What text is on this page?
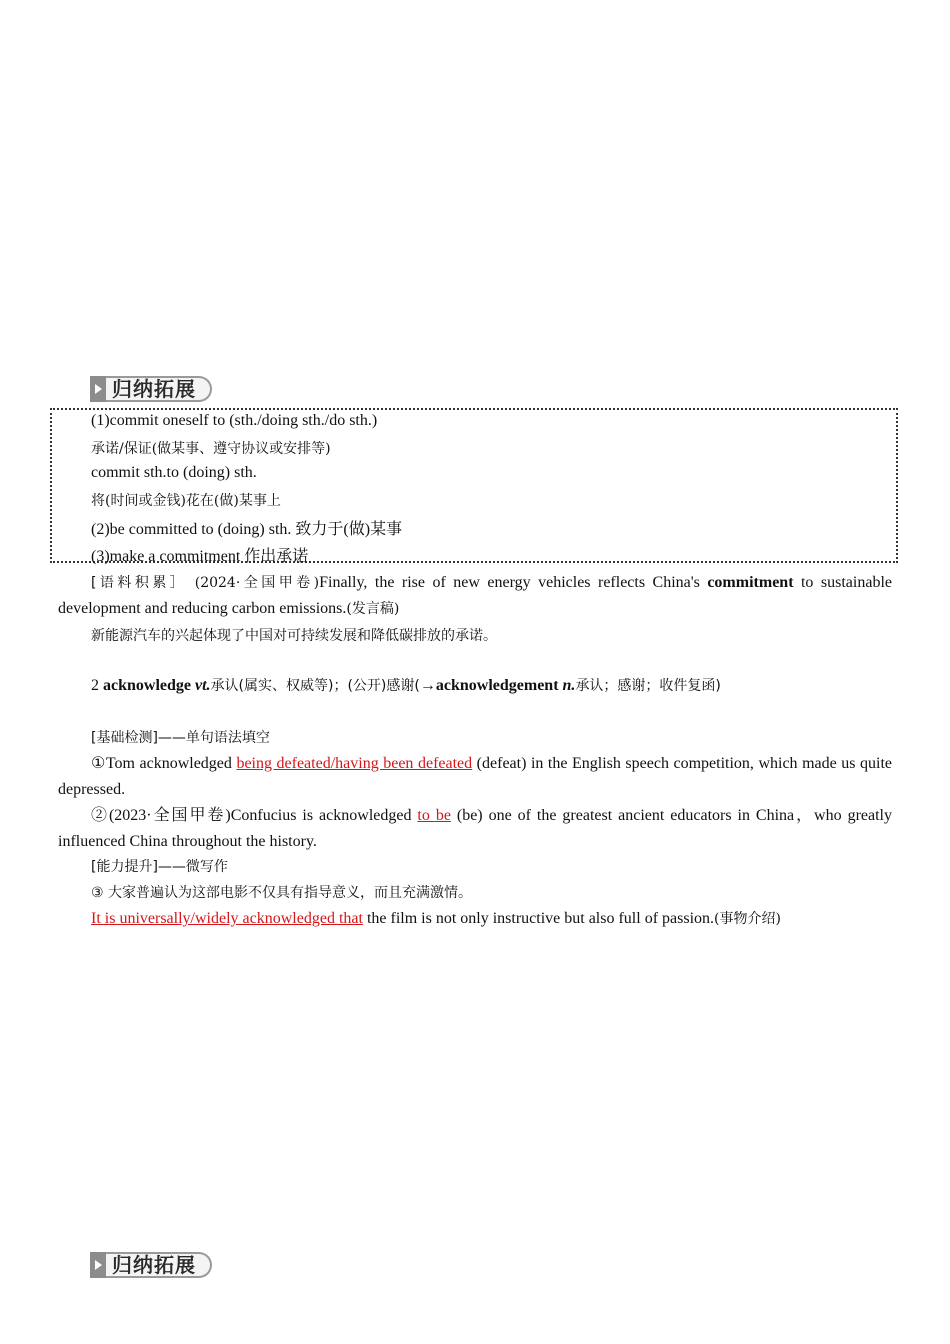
归纳拓展
(1)commit oneself to (sth./doing sth./do sth.)
承诺/保证(做某事、遵守协议或安排等)
commit sth.to (doing) sth.
将(时间或金钱)花在(做)某事上
(2)be committed to (doing) sth. 致力于(做)某事
(3)make a commitment 作出承诺
[语料积累］ (2024·全国甲卷)Finally, the rise of new energy vehicles reflects China's commitment to sustainable development and reducing carbon emissions.(发言稿)
新能源汽车的兴起体现了中国对可持续发展和降低碳排放的承诺。
2 acknowledge vt.承认(属实、权威等)；(公开)感谢(→acknowledgement n.承认；感谢；收件复函)
[基础检测]——单句语法填空
①Tom acknowledged being defeated/having been defeated (defeat) in the English speech competition, which made us quite depressed.
②(2023·全国甲卷)Confucius is acknowledged to be (be) one of the greatest ancient educators in China，who greatly influenced China throughout the history.
[能力提升]——微写作
③ 大家普遍认为这部电影不仅具有指导意义，而且充满激情。
It is universally/widely acknowledged that the film is not only instructive but also full of passion.(事物介绍)
归纳拓展
